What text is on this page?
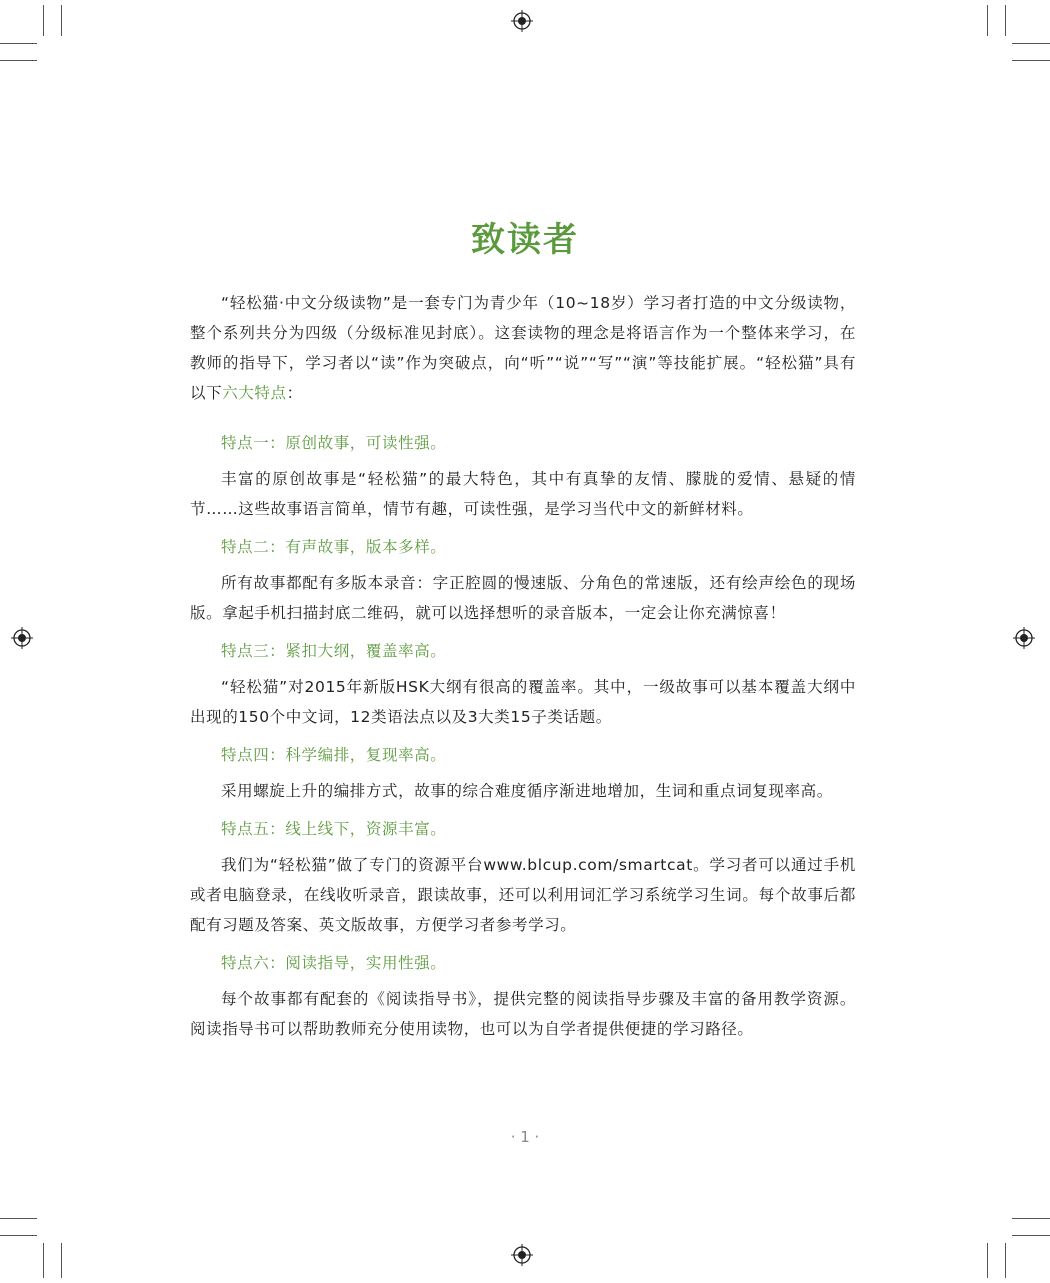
致读者

“轻松猫·中文分级读物”是一套专门为青少年（10~18岁）学习者打造的中文分级读物，整个系列共分为四级（分级标准见封底）。这套读物的理念是将语言作为一个整体来学习，在教师的指导下，学习者以“读”作为突破点，向“听”“说”“写”“演”等技能扩展。“轻松猫”具有以下六大特点：

特点一：原创故事，可读性强。

丰富的原创故事是“轻松猫”的最大特色，其中有真挚的友情、朦胧的爱情、悬疑的情节……这些故事语言简单，情节有趣，可读性强，是学习当代中文的新鲜材料。

特点二：有声故事，版本多样。

所有故事都配有多版本录音：字正腔圆的慢速版、分角色的常速版，还有绘声绘色的现场版。拿起手机扫描封底二维码，就可以选择想听的录音版本，一定会让你充满惊喜！

特点三：紧扣大纲，覆盖率高。

“轻松猫”对2015年新版HSK大纲有很高的覆盖率。其中，一级故事可以基本覆盖大纲中出现的150个中文词，12类语法点以及3大类15子类话题。

特点四：科学编排，复现率高。

采用螺旋上升的编排方式，故事的综合难度循序渐进地增加，生词和重点词复现率高。

特点五：线上线下，资源丰富。

我们为“轻松猫”做了专门的资源平台www.blcup.com/smartcat。学习者可以通过手机或者电脑登录，在线收听录音，跟读故事，还可以利用词汇学习系统学习生词。每个故事后都配有习题及答案、英文版故事，方便学习者参考学习。

特点六：阅读指导，实用性强。

每个故事都有配套的《阅读指导书》，提供完整的阅读指导步骤及丰富的备用教学资源。阅读指导书可以帮助教师充分使用读物，也可以为自学者提供便捷的学习路径。

· 1 ·
